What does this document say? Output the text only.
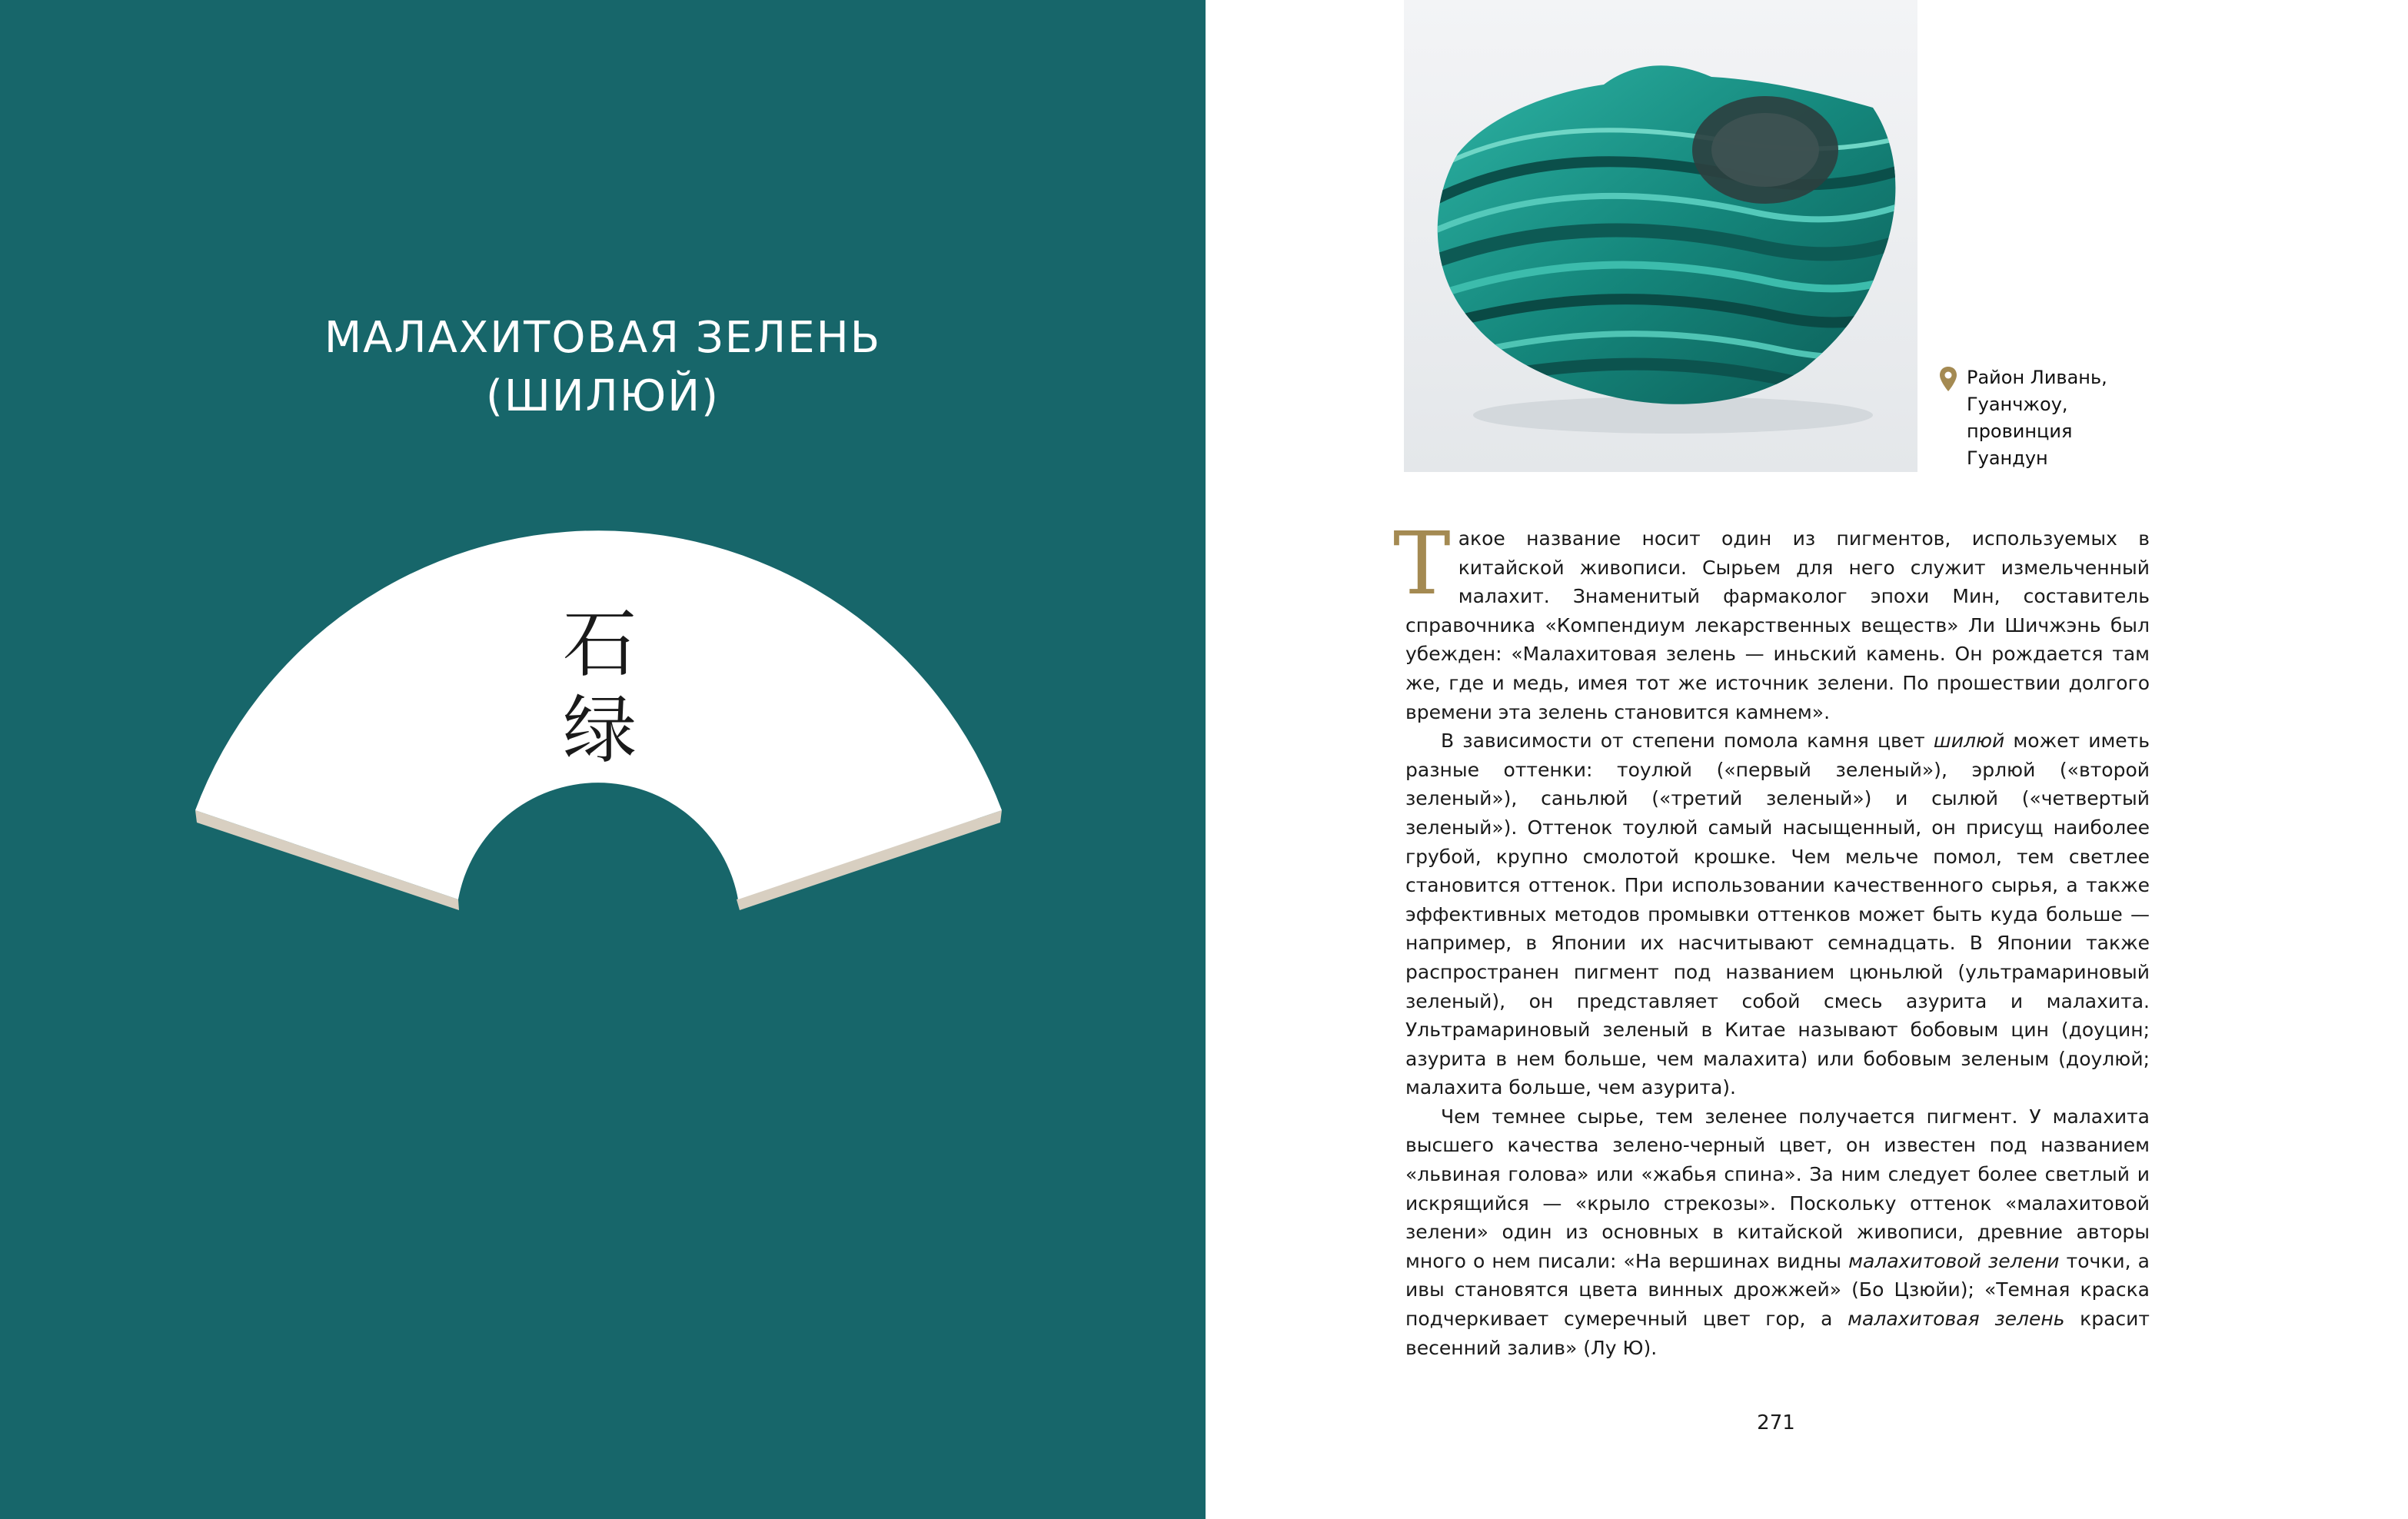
МАЛАХИТОВАЯ ЗЕЛЕНЬ
(ШИЛЮЙ)
石
绿
Район Ливань,
Гуанчжоу,
провинция
Гуандун

Такое название носит один из пигментов, используемых в китайской живописи. Сырьем для него служит измельченный малахит. Знаменитый фармаколог эпохи Мин, составитель справочника «Компендиум лекарственных веществ» Ли Шичжэнь был убежден: «Малахитовая зелень — иньский камень. Он рождается там же, где и медь, имея тот же источник зелени. По прошествии долгого времени эта зелень становится камнем».

В зависимости от степени помола камня цвет шилюй может иметь разные оттенки: тоулюй («первый зеленый»), эрлюй («второй зеленый»), саньлюй («третий зеленый») и сылюй («четвертый зеленый»). Оттенок тоулюй самый насыщенный, он присущ наиболее грубой, крупно смолотой крошке. Чем мельче помол, тем светлее становится оттенок. При использовании качественного сырья, а также эффективных методов промывки оттенков может быть куда больше — например, в Японии их насчитывают семнадцать. В Японии также распространен пигмент под названием цюньлюй (ультрамариновый зеленый), он представляет собой смесь азурита и малахита. Ультрамариновый зеленый в Китае называют бобовым цин (доуцин; азурита в нем больше, чем малахита) или бобовым зеленым (доулюй; малахита больше, чем азурита).

Чем темнее сырье, тем зеленее получается пигмент. У малахита высшего качества зелено-черный цвет, он известен под названием «львиная голова» или «жабья спина». За ним следует более светлый и искрящийся — «крыло стрекозы». Поскольку оттенок «малахитовой зелени» один из основных в китайской живописи, древние авторы много о нем писали: «На вершинах видны малахитовой зелени точки, а ивы становятся цвета винных дрожжей» (Бо Цзюйи); «Темная краска подчеркивает сумеречный цвет гор, а малахитовая зелень красит весенний залив» (Лу Ю).

271
